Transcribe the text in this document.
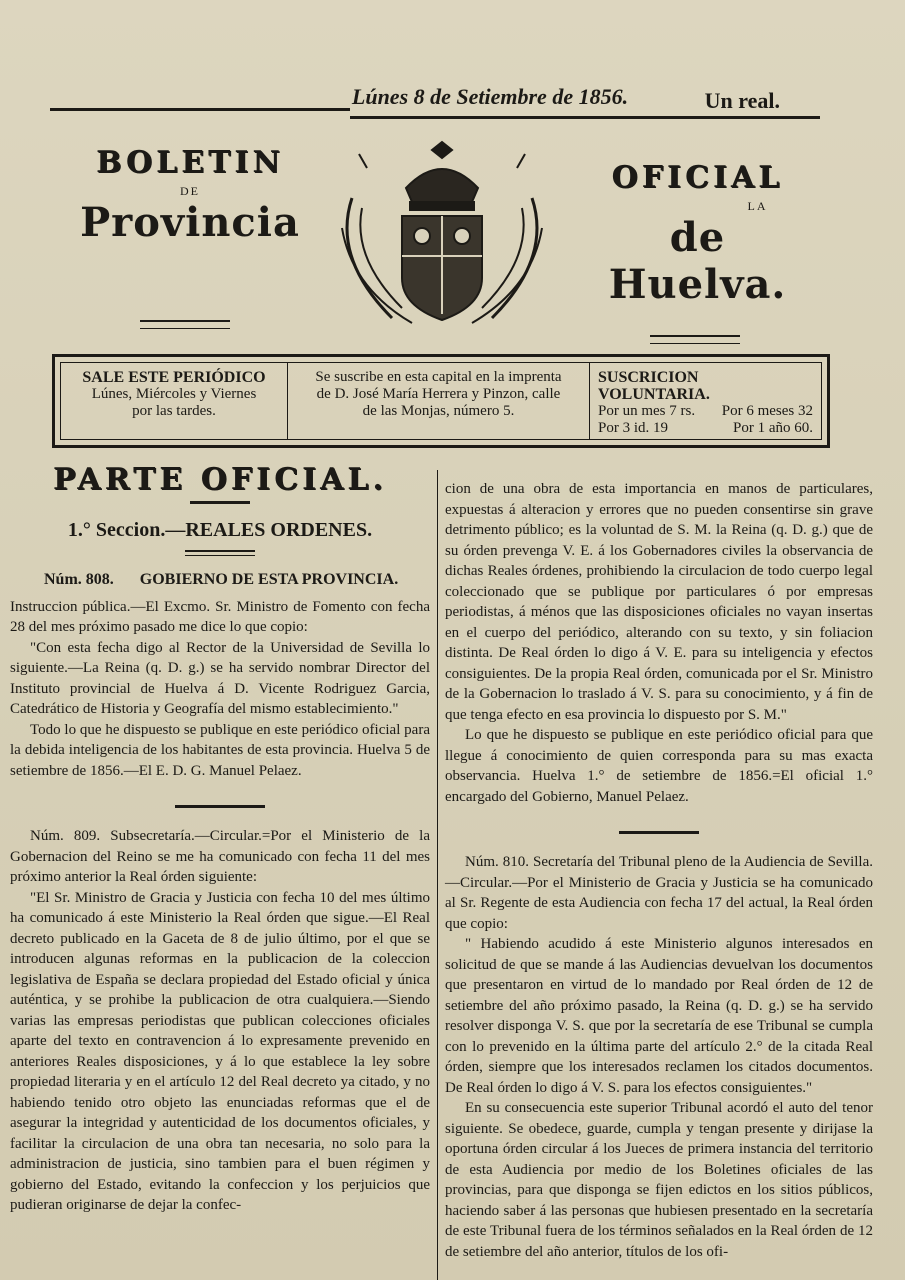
Lúnes 8 de Setiembre de 1856.	Un real.
BOLETIN
DE
Provincia
OFICIAL
LA
de Huelva.
SALE ESTE PERIÓDICO
Lúnes, Miércoles y Viernes
por las tardes.
Se suscribe en esta capital en la imprenta
de D. José María Herrera y Pinzon, calle
de las Monjas, número 5.
SUSCRICION VOLUNTARIA.
Por un mes 7 rs. Por 6 meses 32
Por 3 id. 19	Por 1 año 60.
PARTE OFICIAL.
1.° Seccion.—REALES ORDENES.
Núm. 808. GOBIERNO DE ESTA PROVINCIA.

Instruccion pública.—El Excmo. Sr. Ministro de Fomento con fecha 28 del mes próximo pasado me dice lo que copio:

"Con esta fecha digo al Rector de la Universidad de Sevilla lo siguiente.—La Reina (q. D. g.) se ha servido nombrar Director del Instituto provincial de Huelva á D. Vicente Rodriguez Garcia, Catedrático de Historia y Geografía del mismo establecimiento."

Todo lo que he dispuesto se publique en este periódico oficial para la debida inteligencia de los habitantes de esta provincia. Huelva 5 de setiembre de 1856.—El E. D. G. Manuel Pelaez.

Núm. 809. Subsecretaría.—Circular.=Por el Ministerio de la Gobernacion del Reino se me ha comunicado con fecha 11 del mes próximo anterior la Real órden siguiente:

"El Sr. Ministro de Gracia y Justicia con fecha 10 del mes último ha comunicado á este Ministerio la Real órden que sigue.—El Real decreto publicado en la Gaceta de 8 de julio último, por el que se introducen algunas reformas en la publicacion de la coleccion legislativa de España se declara propiedad del Estado oficial y única auténtica, y se prohibe la publicacion de otra cualquiera.—Siendo varias las empresas periodistas que publican colecciones oficiales aparte del texto en contravencion á lo expresamente prevenido en anteriores Reales disposiciones, y á lo que establece la ley sobre propiedad literaria y en el artículo 12 del Real decreto ya citado, y no habiendo tenido otro objeto las enunciadas reformas que el de asegurar la integridad y autenticidad de los documentos oficiales, y facilitar la circulacion de una obra tan necesaria, no solo para la administracion de justicia, sino tambien para el buen régimen y gobierno del Estado, evitando la confeccion y los perjuicios que pudieran originarse de dejar la confec-

cion de una obra de esta importancia en manos de particulares, expuestas á alteracion y errores que no pueden consentirse sin grave detrimento público; es la voluntad de S. M. la Reina (q. D. g.) que de su órden prevenga V. E. á los Gobernadores civiles la observancia de dichas Reales órdenes, prohibiendo la circulacion de todo cuerpo legal coleccionado que se publique por particulares ó por empresas periodistas, á ménos que las disposiciones oficiales no vayan insertas en el cuerpo del periódico, alterando con su texto, y sin foliacion distinta. De Real órden lo digo á V. E. para su inteligencia y efectos consiguientes. De la propia Real órden, comunicada por el Sr. Ministro de la Gobernacion lo traslado á V. S. para su conocimiento, y á fin de que tenga efecto en esa provincia lo dispuesto por S. M."

Lo que he dispuesto se publique en este periódico oficial para que llegue á conocimiento de quien corresponda para su mas exacta observancia. Huelva 1.° de setiembre de 1856.=El oficial 1.° encargado del Gobierno, Manuel Pelaez.

Núm. 810. Secretaría del Tribunal pleno de la Audiencia de Sevilla.—Circular.—Por el Ministerio de Gracia y Justicia se ha comunicado al Sr. Regente de esta Audiencia con fecha 17 del actual, la Real órden que copio:

" Habiendo acudido á este Ministerio algunos interesados en solicitud de que se mande á las Audiencias devuelvan los documentos que presentaron en virtud de lo mandado por Real órden de 12 de setiembre del año próximo pasado, la Reina (q. D. g.) se ha servido resolver disponga V. S. que por la secretaría de ese Tribunal se cumpla con lo prevenido en la última parte del artículo 2.° de la citada Real órden, siempre que los interesados reclamen los citados documentos. De Real órden lo digo á V. S. para los efectos consiguientes."

En su consecuencia este superior Tribunal acordó el auto del tenor siguiente. Se obedece, guarde, cumpla y tengan presente y dirijase la oportuna órden circular á los Jueces de primera instancia del territorio de esta Audiencia por medio de los Boletines oficiales de las provincias, para que disponga se fijen edictos en los sitios públicos, haciendo saber á las personas que hubiesen presentado en la secretaría de este Tribunal fuera de los términos señalados en la Real órden de 12 de setiembre del año anterior, títulos de los ofi-
